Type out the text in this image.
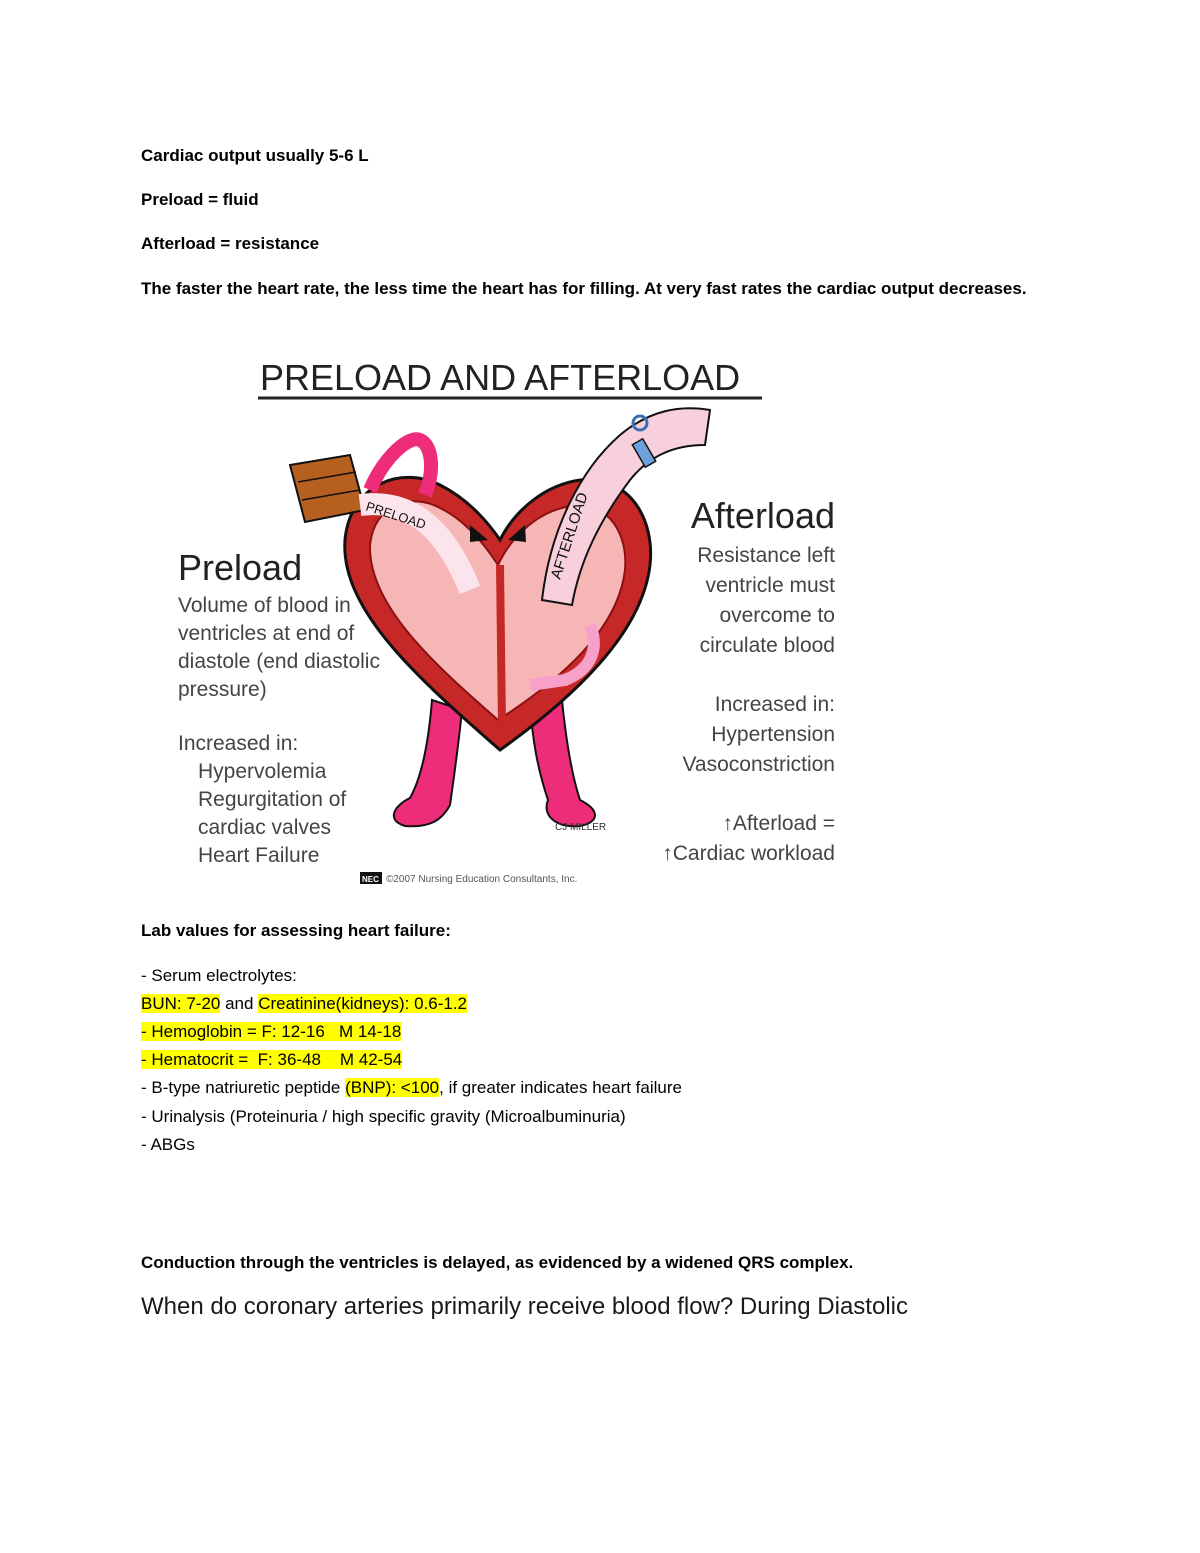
Cardiac output usually 5-6 L
Preload = fluid
Afterload = resistance
The faster the heart rate, the less time the heart has for filling. At very fast rates the cardiac output decreases.
PRELOAD AND AFTERLOAD
PRELOAD	AFTERLOAD
CJ MILLER
Preload
Volume of blood in
ventricles at end of
diastole (end diastolic
pressure)
Increased in:
Hypervolemia
Regurgitation of
cardiac valves
Heart Failure
Afterload
Resistance left
ventricle must
overcome to
circulate blood
Increased in:
Hypertension
Vasoconstriction
↑Afterload =
↑Cardiac workload
NEC ©2007 Nursing Education Consultants, Inc.
Lab values for assessing heart failure:
- Serum electrolytes:
BUN: 7-20 and Creatinine(kidneys): 0.6-1.2
- Hemoglobin = F: 12-16   M 14-18
- Hematocrit =  F: 36-48    M 42-54
- B-type natriuretic peptide (BNP): <100, if greater indicates heart failure
- Urinalysis (Proteinuria / high specific gravity (Microalbuminuria)
- ABGs
Conduction through the ventricles is delayed, as evidenced by a widened QRS complex.
When do coronary arteries primarily receive blood flow? During Diastolic
